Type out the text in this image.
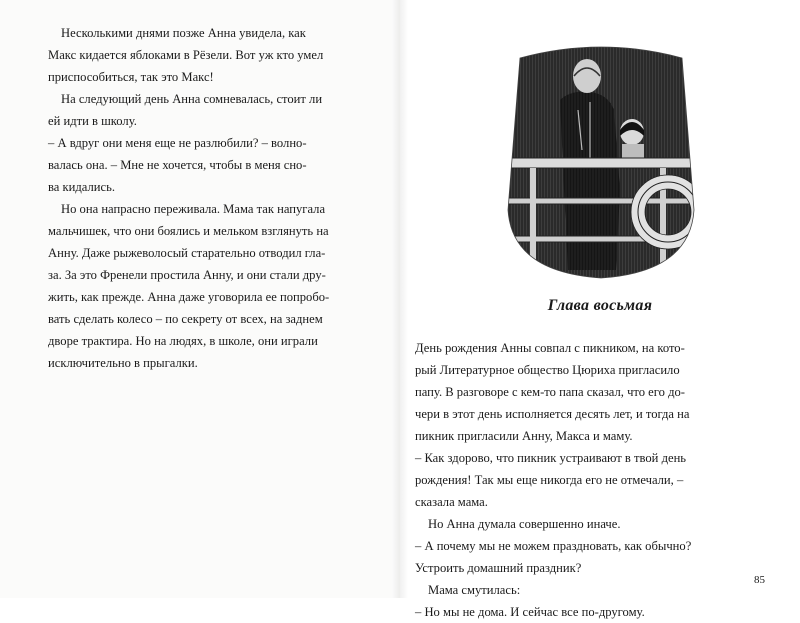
Несколькими днями позже Анна увидела, как
Макс кидается яблоками в Рёзели. Вот уж кто умел
приспособиться, так это Макс!
На следующий день Анна сомневалась, стоит ли
ей идти в школу.
– А вдруг они меня еще не разлюбили? – волно-
валась она. – Мне не хочется, чтобы в меня сно-
ва кидались.
Но она напрасно переживала. Мама так напугала
мальчишек, что они боялись и мельком взглянуть на
Анну. Даже рыжеволосый старательно отводил гла-
за. За это Френели простила Анну, и они стали дру-
жить, как прежде. Анна даже уговорила ее попробо-
вать сделать колесо – по секрету от всех, на заднем
дворе трактира. Но на людях, в школе, они играли
исключительно в прыгалки.
Глава восьмая
День рождения Анны совпал с пикником, на кото-
рый Литературное общество Цюриха пригласило
папу. В разговоре с кем-то папа сказал, что его до-
чери в этот день исполняется десять лет, и тогда на
пикник пригласили Анну, Макса и маму.
– Как здорово, что пикник устраивают в твой день
рождения! Так мы еще никогда его не отмечали, –
сказала мама.
Но Анна думала совершенно иначе.
– А почему мы не можем праздновать, как обычно?
Устроить домашний праздник?
Мама смутилась:
– Но мы не дома. И сейчас все по-другому.
85
